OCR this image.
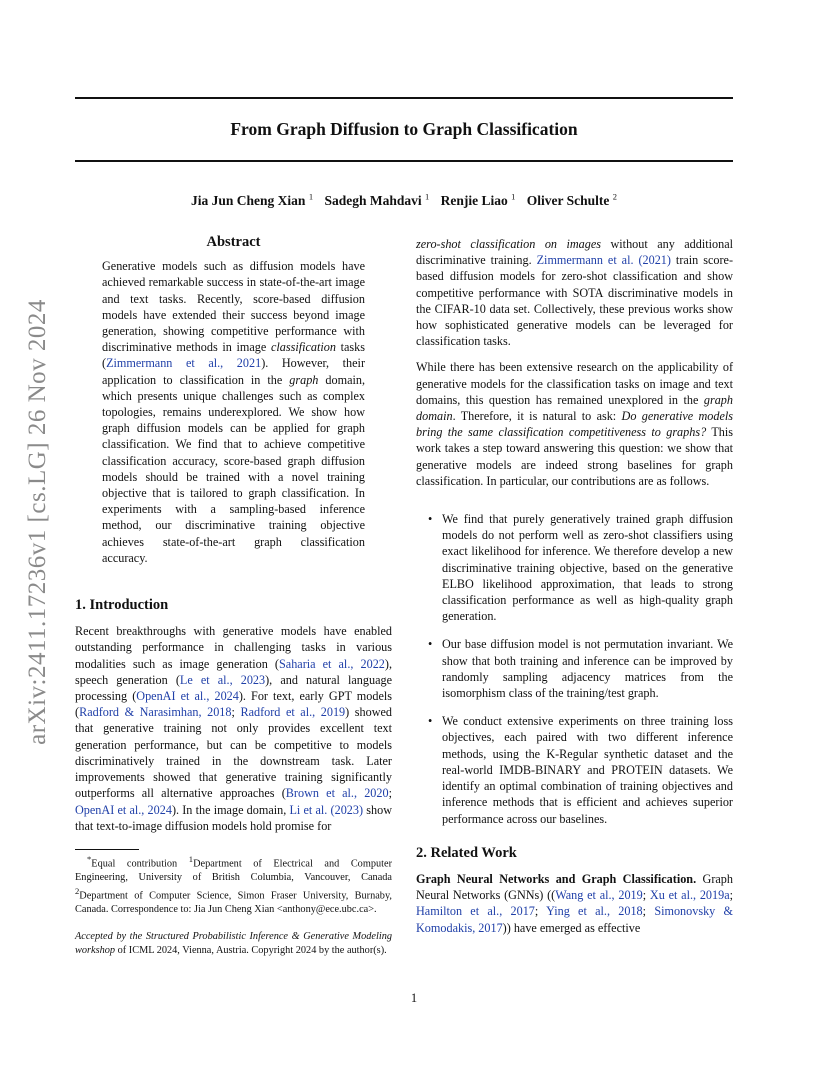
From Graph Diffusion to Graph Classification
Jia Jun Cheng Xian $^1$ Sadegh Mahdavi $^1$ Renjie Liao $^1$ Oliver Schulte $^2$
arXiv:2411.17236v1 [cs.LG] 26 Nov 2024
Abstract

Generative models such as diffusion models have achieved remarkable success in state-of-the-art image and text tasks. Recently, score-based diffusion models have extended their success beyond image generation, showing competitive performance with discriminative methods in image classification tasks (Zimmermann et al., 2021). However, their application to classification in the graph domain, which presents unique challenges such as complex topologies, remains underexplored. We show how graph diffusion models can be applied for graph classification. We find that to achieve competitive classification accuracy, score-based graph diffusion models should be trained with a novel training objective that is tailored to graph classification. In experiments with a sampling-based inference method, our discriminative training objective achieves state-of-the-art graph classification accuracy.

1. Introduction

Recent breakthroughs with generative models have enabled outstanding performance in challenging tasks in various modalities such as image generation (Saharia et al., 2022), speech generation (Le et al., 2023), and natural language processing (OpenAI et al., 2024). For text, early GPT models (Radford & Narasimhan, 2018; Radford et al., 2019) showed that generative training not only provides excellent text generation performance, but can be competitive to models discriminatively trained in the downstream task. Later improvements showed that generative training significantly outperforms all alternative approaches (Brown et al., 2020; OpenAI et al., 2024). In the image domain, Li et al. (2023) show that text-to-image diffusion models hold promise for

*Equal contribution $^1$Department of Electrical and Computer Engineering, University of British Columbia, Vancouver, Canada $^2$Department of Computer Science, Simon Fraser University, Burnaby, Canada. Correspondence to: Jia Jun Cheng Xian <anthony@ece.ubc.ca>.

Accepted by the Structured Probabilistic Inference & Generative Modeling workshop of ICML 2024, Vienna, Austria. Copyright 2024 by the author(s).

zero-shot classification on images without any additional discriminative training. Zimmermann et al. (2021) train score-based diffusion models for zero-shot classification and show competitive performance with SOTA discriminative models in the CIFAR-10 data set. Collectively, these previous works show how sophisticated generative models can be leveraged for classification tasks.

While there has been extensive research on the applicability of generative models for the classification tasks on image and text domains, this question has remained unexplored in the graph domain. Therefore, it is natural to ask: Do generative models bring the same classification competitiveness to graphs? This work takes a step toward answering this question: we show that generative models are indeed strong baselines for graph classification. In particular, our contributions are as follows.

• We find that purely generatively trained graph diffusion models do not perform well as zero-shot classifiers using exact likelihood for inference. We therefore develop a new discriminative training objective, based on the generative ELBO likelihood approximation, that leads to strong classification performance as well as high-quality graph generation.
• Our base diffusion model is not permutation invariant. We show that both training and inference can be improved by randomly sampling adjacency matrices from the isomorphism class of the training/test graph.
• We conduct extensive experiments on three training loss objectives, each paired with two different inference methods, using the K-Regular synthetic dataset and the real-world IMDB-BINARY and PROTEIN datasets. We identify an optimal combination of training objectives and inference methods that is efficient and achieves superior performance across our baselines.
2. Related Work

Graph Neural Networks and Graph Classification. Graph Neural Networks (GNNs) ((Wang et al., 2019; Xu et al., 2019a; Hamilton et al., 2017; Ying et al., 2018; Simonovsky & Komodakis, 2017)) have emerged as effective

1
